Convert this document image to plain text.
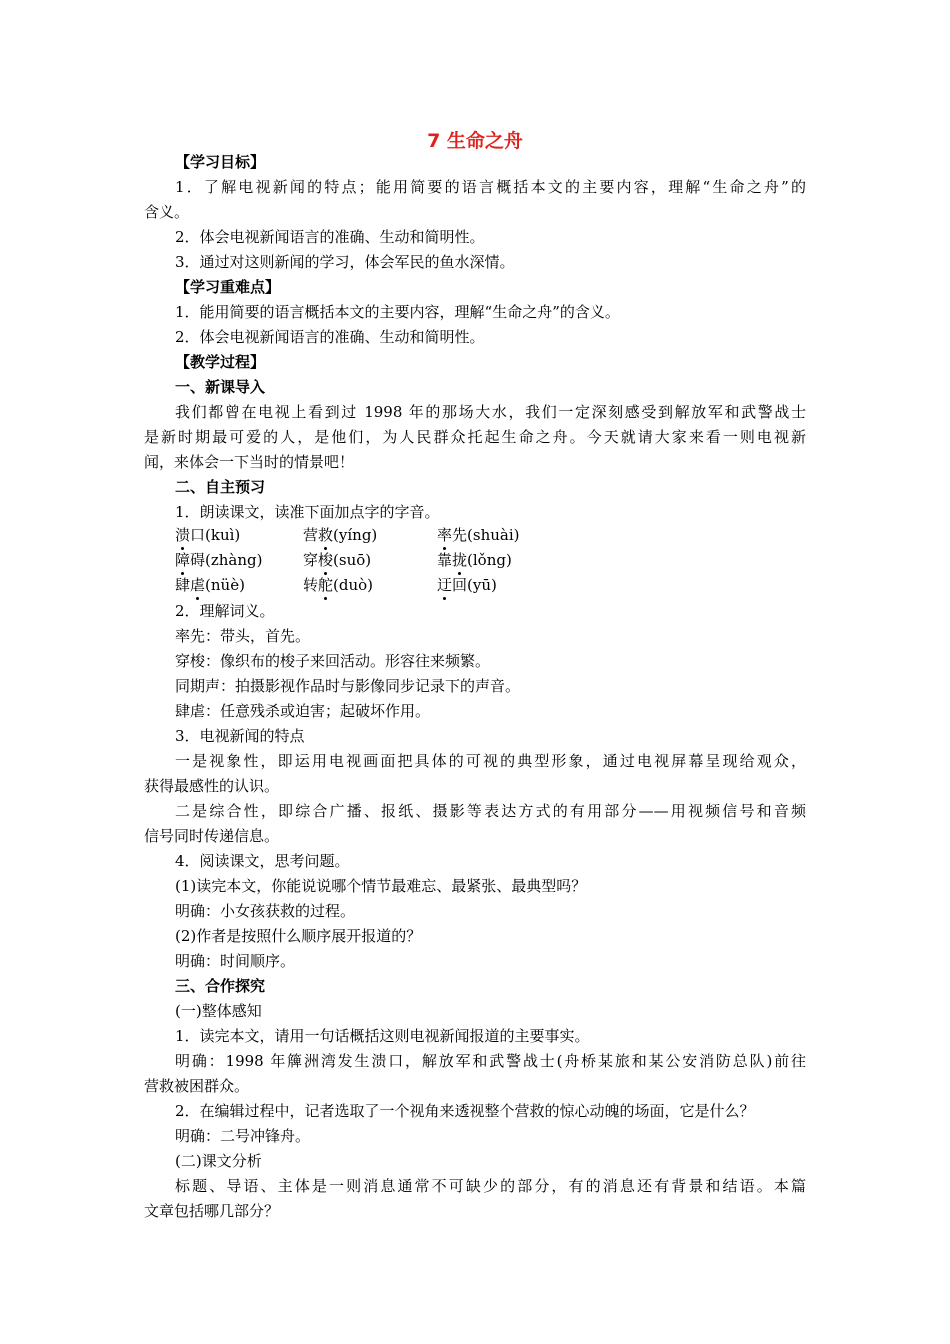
7 生命之舟
【学习目标】
1．了解电视新闻的特点；能用简要的语言概括本文的主要内容，理解“生命之舟”的
含义。
2．体会电视新闻语言的准确、生动和简明性。
3．通过对这则新闻的学习，体会军民的鱼水深情。
【学习重难点】
1．能用简要的语言概括本文的主要内容，理解“生命之舟”的含义。
2．体会电视新闻语言的准确、生动和简明性。
【教学过程】
一、新课导入
我们都曾在电视上看到过 1998 年的那场大水，我们一定深刻感受到解放军和武警战士
是新时期最可爱的人，是他们，为人民群众托起生命之舟。今天就请大家来看一则电视新
闻，来体会一下当时的情景吧！
二、自主预习
1．朗读课文，读准下面加点字的字音。
溃口(kuì)	营救(yíng)	率先(shuài)
障碍(zhàng)	穿梭(suō)	靠拢(lǒng)
肆虐(nüè)	转舵(duò)	迂回(yū)
2．理解词义。
率先：带头，首先。
穿梭：像织布的梭子来回活动。形容往来频繁。
同期声：拍摄影视作品时与影像同步记录下的声音。
肆虐：任意残杀或迫害；起破坏作用。
3．电视新闻的特点
一是视象性，即运用电视画面把具体的可视的典型形象，通过电视屏幕呈现给观众，
获得最感性的认识。
二是综合性，即综合广播、报纸、摄影等表达方式的有用部分——用视频信号和音频
信号同时传递信息。
4．阅读课文，思考问题。
(1)读完本文，你能说说哪个情节最难忘、最紧张、最典型吗？
明确：小女孩获救的过程。
(2)作者是按照什么顺序展开报道的？
明确：时间顺序。
三、合作探究
(一)整体感知
1．读完本文，请用一句话概括这则电视新闻报道的主要事实。
明确：1998 年簰洲湾发生溃口，解放军和武警战士(舟桥某旅和某公安消防总队)前往
营救被困群众。
2．在编辑过程中，记者选取了一个视角来透视整个营救的惊心动魄的场面，它是什么？
明确：二号冲锋舟。
(二)课文分析
标题、导语、主体是一则消息通常不可缺少的部分，有的消息还有背景和结语。本篇
文章包括哪几部分？
